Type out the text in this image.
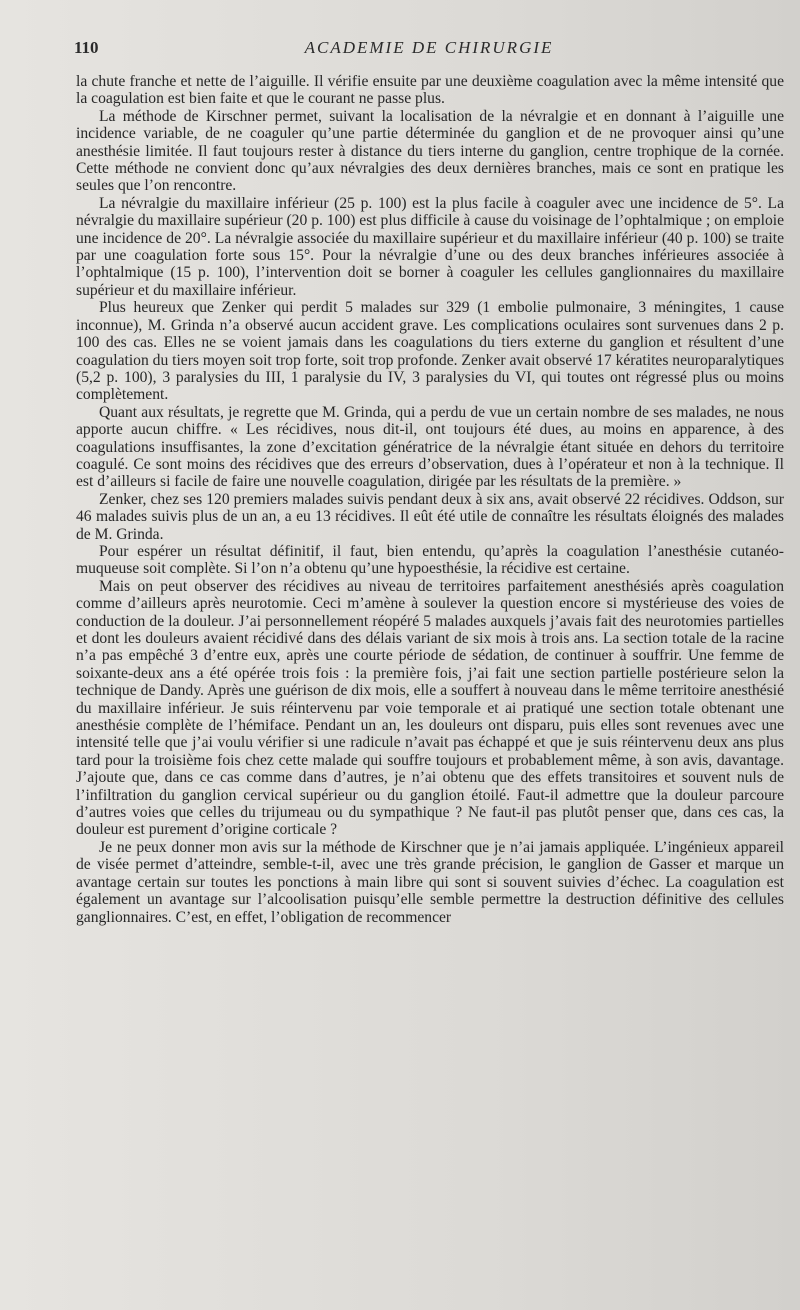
110	ACADEMIE DE CHIRURGIE

la chute franche et nette de l’aiguille. Il vérifie ensuite par une deuxième coagulation avec la même intensité que la coagulation est bien faite et que le courant ne passe plus.

La méthode de Kirschner permet, suivant la localisation de la névralgie et en donnant à l’aiguille une incidence variable, de ne coaguler qu’une partie déterminée du ganglion et de ne provoquer ainsi qu’une anesthésie limitée. Il faut toujours rester à distance du tiers interne du ganglion, centre trophique de la cornée. Cette méthode ne convient donc qu’aux névralgies des deux dernières branches, mais ce sont en pratique les seules que l’on rencontre.

La névralgie du maxillaire inférieur (25 p. 100) est la plus facile à coaguler avec une incidence de 5°. La névralgie du maxillaire supérieur (20 p. 100) est plus difficile à cause du voisinage de l’ophtalmique ; on emploie une incidence de 20°. La névralgie associée du maxillaire supérieur et du maxillaire inférieur (40 p. 100) se traite par une coagulation forte sous 15°. Pour la névralgie d’une ou des deux branches inférieures associée à l’ophtalmique (15 p. 100), l’intervention doit se borner à coaguler les cellules ganglionnaires du maxillaire supérieur et du maxillaire inférieur.

Plus heureux que Zenker qui perdit 5 malades sur 329 (1 embolie pulmonaire, 3 méningites, 1 cause inconnue), M. Grinda n’a observé aucun accident grave. Les complications oculaires sont survenues dans 2 p. 100 des cas. Elles ne se voient jamais dans les coagulations du tiers externe du ganglion et résultent d’une coagulation du tiers moyen soit trop forte, soit trop profonde. Zenker avait observé 17 kératites neuroparalytiques (5,2 p. 100), 3 paralysies du III, 1 paralysie du IV, 3 paralysies du VI, qui toutes ont régressé plus ou moins complètement.

Quant aux résultats, je regrette que M. Grinda, qui a perdu de vue un certain nombre de ses malades, ne nous apporte aucun chiffre. « Les récidives, nous dit-il, ont toujours été dues, au moins en apparence, à des coagulations insuffisantes, la zone d’excitation génératrice de la névralgie étant située en dehors du territoire coagulé. Ce sont moins des récidives que des erreurs d’observation, dues à l’opérateur et non à la technique. Il est d’ailleurs si facile de faire une nouvelle coagulation, dirigée par les résultats de la première. »

Zenker, chez ses 120 premiers malades suivis pendant deux à six ans, avait observé 22 récidives. Oddson, sur 46 malades suivis plus de un an, a eu 13 récidives. Il eût été utile de connaître les résultats éloignés des malades de M. Grinda.

Pour espérer un résultat définitif, il faut, bien entendu, qu’après la coagulation l’anesthésie cutanéo-muqueuse soit complète. Si l’on n’a obtenu qu’une hypoesthésie, la récidive est certaine.

Mais on peut observer des récidives au niveau de territoires parfaitement anesthésiés après coagulation comme d’ailleurs après neurotomie. Ceci m’amène à soulever la question encore si mystérieuse des voies de conduction de la douleur. J’ai personnellement réopéré 5 malades auxquels j’avais fait des neurotomies partielles et dont les douleurs avaient récidivé dans des délais variant de six mois à trois ans. La section totale de la racine n’a pas empêché 3 d’entre eux, après une courte période de sédation, de continuer à souffrir. Une femme de soixante-deux ans a été opérée trois fois : la première fois, j’ai fait une section partielle postérieure selon la technique de Dandy. Après une guérison de dix mois, elle a souffert à nouveau dans le même territoire anesthésié du maxillaire inférieur. Je suis réintervenu par voie temporale et ai pratiqué une section totale obtenant une anesthésie complète de l’hémiface. Pendant un an, les douleurs ont disparu, puis elles sont revenues avec une intensité telle que j’ai voulu vérifier si une radicule n’avait pas échappé et que je suis réintervenu deux ans plus tard pour la troisième fois chez cette malade qui souffre toujours et probablement même, à son avis, davantage. J’ajoute que, dans ce cas comme dans d’autres, je n’ai obtenu que des effets transitoires et souvent nuls de l’infiltration du ganglion cervical supérieur ou du ganglion étoilé. Faut-il admettre que la douleur parcoure d’autres voies que celles du trijumeau ou du sympathique ? Ne faut-il pas plutôt penser que, dans ces cas, la douleur est purement d’origine corticale ?

Je ne peux donner mon avis sur la méthode de Kirschner que je n’ai jamais appliquée. L’ingénieux appareil de visée permet d’atteindre, semble-t-il, avec une très grande précision, le ganglion de Gasser et marque un avantage certain sur toutes les ponctions à main libre qui sont si souvent suivies d’échec. La coagulation est également un avantage sur l’alcoolisation puisqu’elle semble permettre la destruction définitive des cellules ganglionnaires. C’est, en effet, l’obligation de recommencer
